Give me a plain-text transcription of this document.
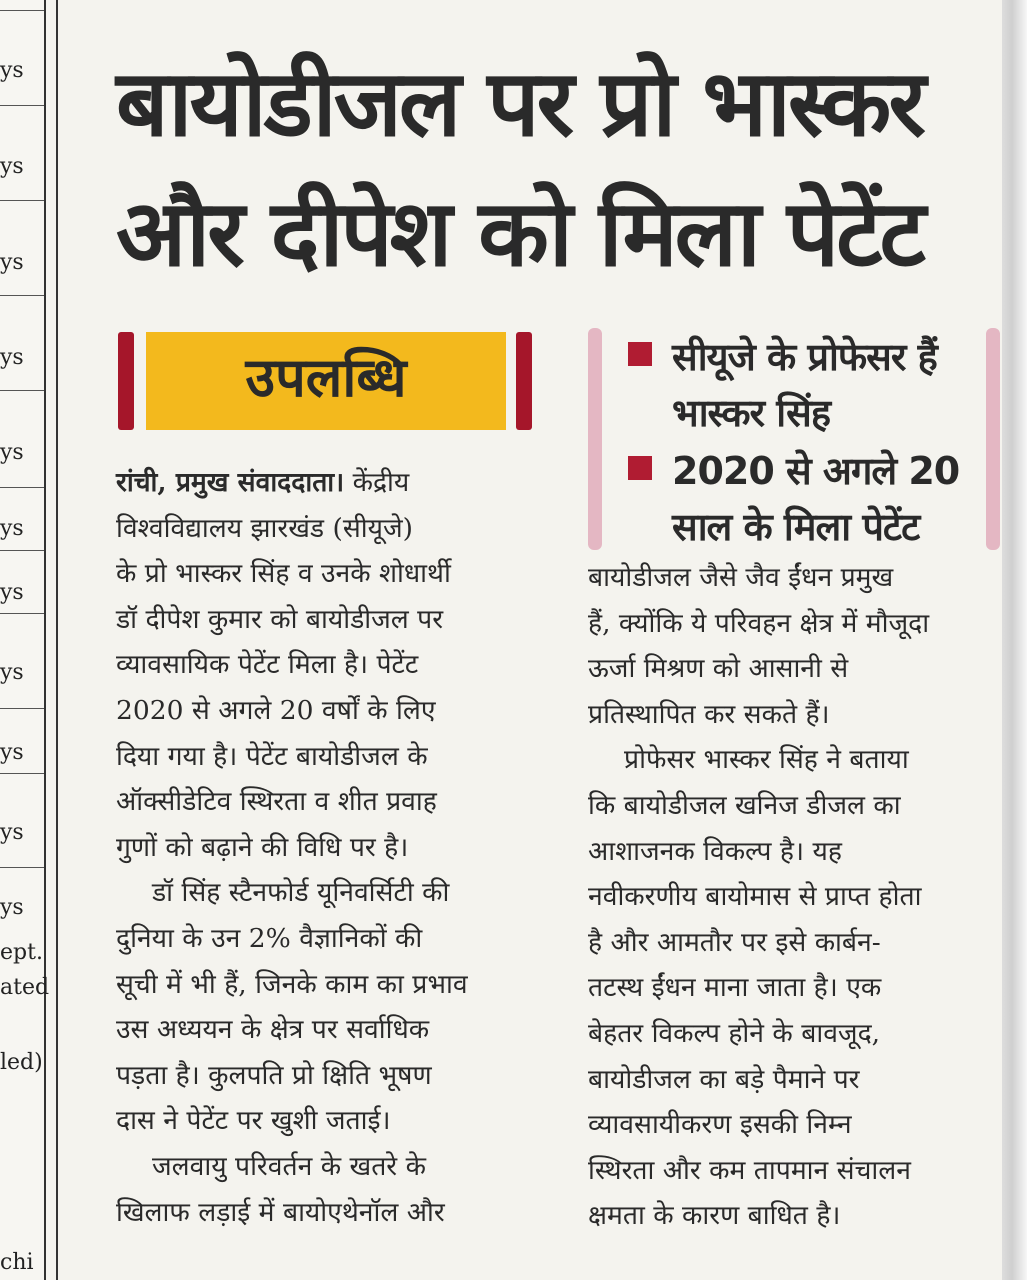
ys
ys
ys
ys
ys
ys
ys
ys
ys
ys
ys
ept.
ated
led)
chi
बायोडीजल पर प्रो भास्कर
और दीपेश को मिला पेटेंट
उपलब्धि	सीयूजे के प्रोफेसर हैं
भास्कर सिंह
2020 से अगले 20
साल के मिला पेटेंट
रांची, प्रमुख संवाददाता। केंद्रीय
विश्वविद्यालय झारखंड (सीयूजे)
के प्रो भास्कर सिंह व उनके शोधार्थी
डॉ दीपेश कुमार को बायोडीजल पर
व्यावसायिक पेटेंट मिला है। पेटेंट
2020 से अगले 20 वर्षों के लिए
दिया गया है। पेटेंट बायोडीजल के
ऑक्सीडेटिव स्थिरता व शीत प्रवाह
गुणों को बढ़ाने की विधि पर है।
डॉ सिंह स्टैनफोर्ड यूनिवर्सिटी की
दुनिया के उन 2% वैज्ञानिकों की
सूची में भी हैं, जिनके काम का प्रभाव
उस अध्ययन के क्षेत्र पर सर्वाधिक
पड़ता है। कुलपति प्रो क्षिति भूषण
दास ने पेटेंट पर खुशी जताई।
जलवायु परिवर्तन के खतरे के
खिलाफ लड़ाई में बायोएथेनॉल और
बायोडीजल जैसे जैव ईंधन प्रमुख
हैं, क्योंकि ये परिवहन क्षेत्र में मौजूदा
ऊर्जा मिश्रण को आसानी से
प्रतिस्थापित कर सकते हैं।
प्रोफेसर भास्कर सिंह ने बताया
कि बायोडीजल खनिज डीजल का
आशाजनक विकल्प है। यह
नवीकरणीय बायोमास से प्राप्त होता
है और आमतौर पर इसे कार्बन-
तटस्थ ईंधन माना जाता है। एक
बेहतर विकल्प होने के बावजूद,
बायोडीजल का बड़े पैमाने पर
व्यावसायीकरण इसकी निम्न
स्थिरता और कम तापमान संचालन
क्षमता के कारण बाधित है।
